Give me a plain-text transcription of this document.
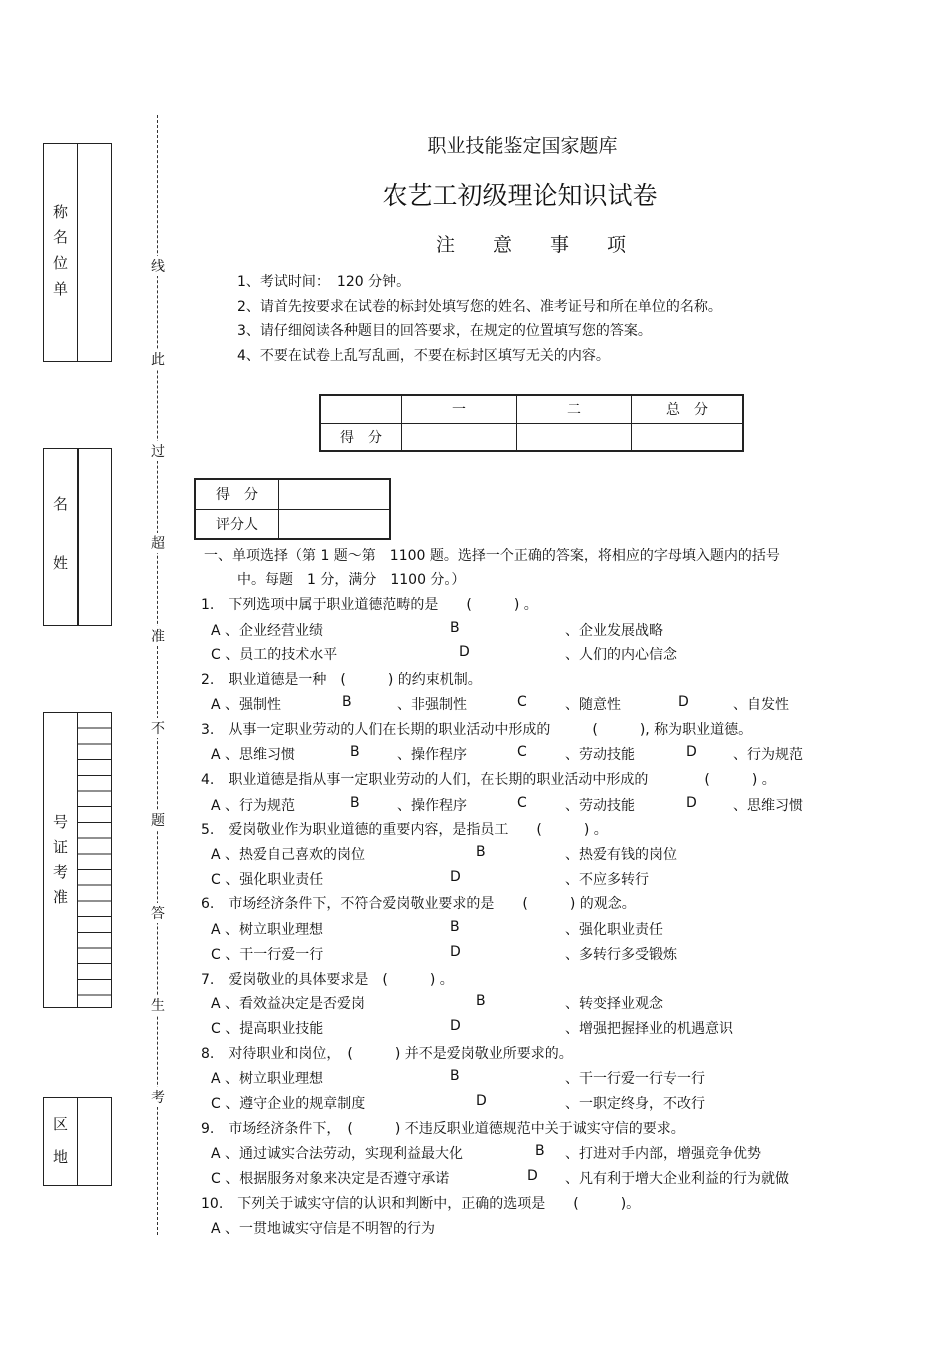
称
名
位
单
名
姓
号
证
考
准
区
地
线
此
过
超
准
不
题
答
生
考
职业技能鉴定国家题库
农艺工初级理论知识试卷
注　　意　　事　　项
1、考试时间：　120 分钟。
2、请首先按要求在试卷的标封处填写您的姓名、准考证号和所在单位的名称。
3、请仔细阅读各种题目的回答要求，在规定的位置填写您的答案。
4、不要在试卷上乱写乱画，不要在标封区填写无关的内容。
	一	二	总　分
得　分			
得　分	
评分人	
一、单项选择（第 1 题～第　1100 题。选择一个正确的答案，将相应的字母填入题内的括号
中。每题　1 分，满分　1100 分。）
1.　下列选项中属于职业道德范畴的是　　(　　　) 。
A 、企业经营业绩	B	、企业发展战略
C 、员工的技术水平	D	、人们的内心信念
2.　职业道德是一种　(　　　) 的约束机制。
A 、强制性	B	、非强制性	C	、随意性	D	、自发性
3.　从事一定职业劳动的人们在长期的职业活动中形成的　　　(　　　), 称为职业道德。
A 、思维习惯	B	、操作程序	C	、劳动技能	D	、行为规范
4.　职业道德是指从事一定职业劳动的人们，在长期的职业活动中形成的　　　　(　　　) 。
A 、行为规范	B	、操作程序	C	、劳动技能	D	、思维习惯
5.　爱岗敬业作为职业道德的重要内容，是指员工　　(　　　) 。
A 、热爱自己喜欢的岗位	B	、热爱有钱的岗位
C 、强化职业责任	D	、不应多转行
6.　市场经济条件下，不符合爱岗敬业要求的是　　(　　　) 的观念。
A 、树立职业理想	B	、强化职业责任
C 、干一行爱一行	D	、多转行多受锻炼
7.　爱岗敬业的具体要求是　(　　　) 。
A 、看效益决定是否爱岗	B	、转变择业观念
C 、提高职业技能	D	、增强把握择业的机遇意识
8.　对待职业和岗位，　(　　　) 并不是爱岗敬业所要求的。
A 、树立职业理想	B	、干一行爱一行专一行
C 、遵守企业的规章制度	D	、一职定终身，不改行
9.　市场经济条件下，　(　　　) 不违反职业道德规范中关于诚实守信的要求。
A 、通过诚实合法劳动，实现利益最大化	B 、打进对手内部，增强竞争优势
C 、根据服务对象来决定是否遵守承诺	D 、凡有利于增大企业利益的行为就做
10.　下列关于诚实守信的认识和判断中，正确的选项是　　(　　　)。
A 、一贯地诚实守信是不明智的行为
